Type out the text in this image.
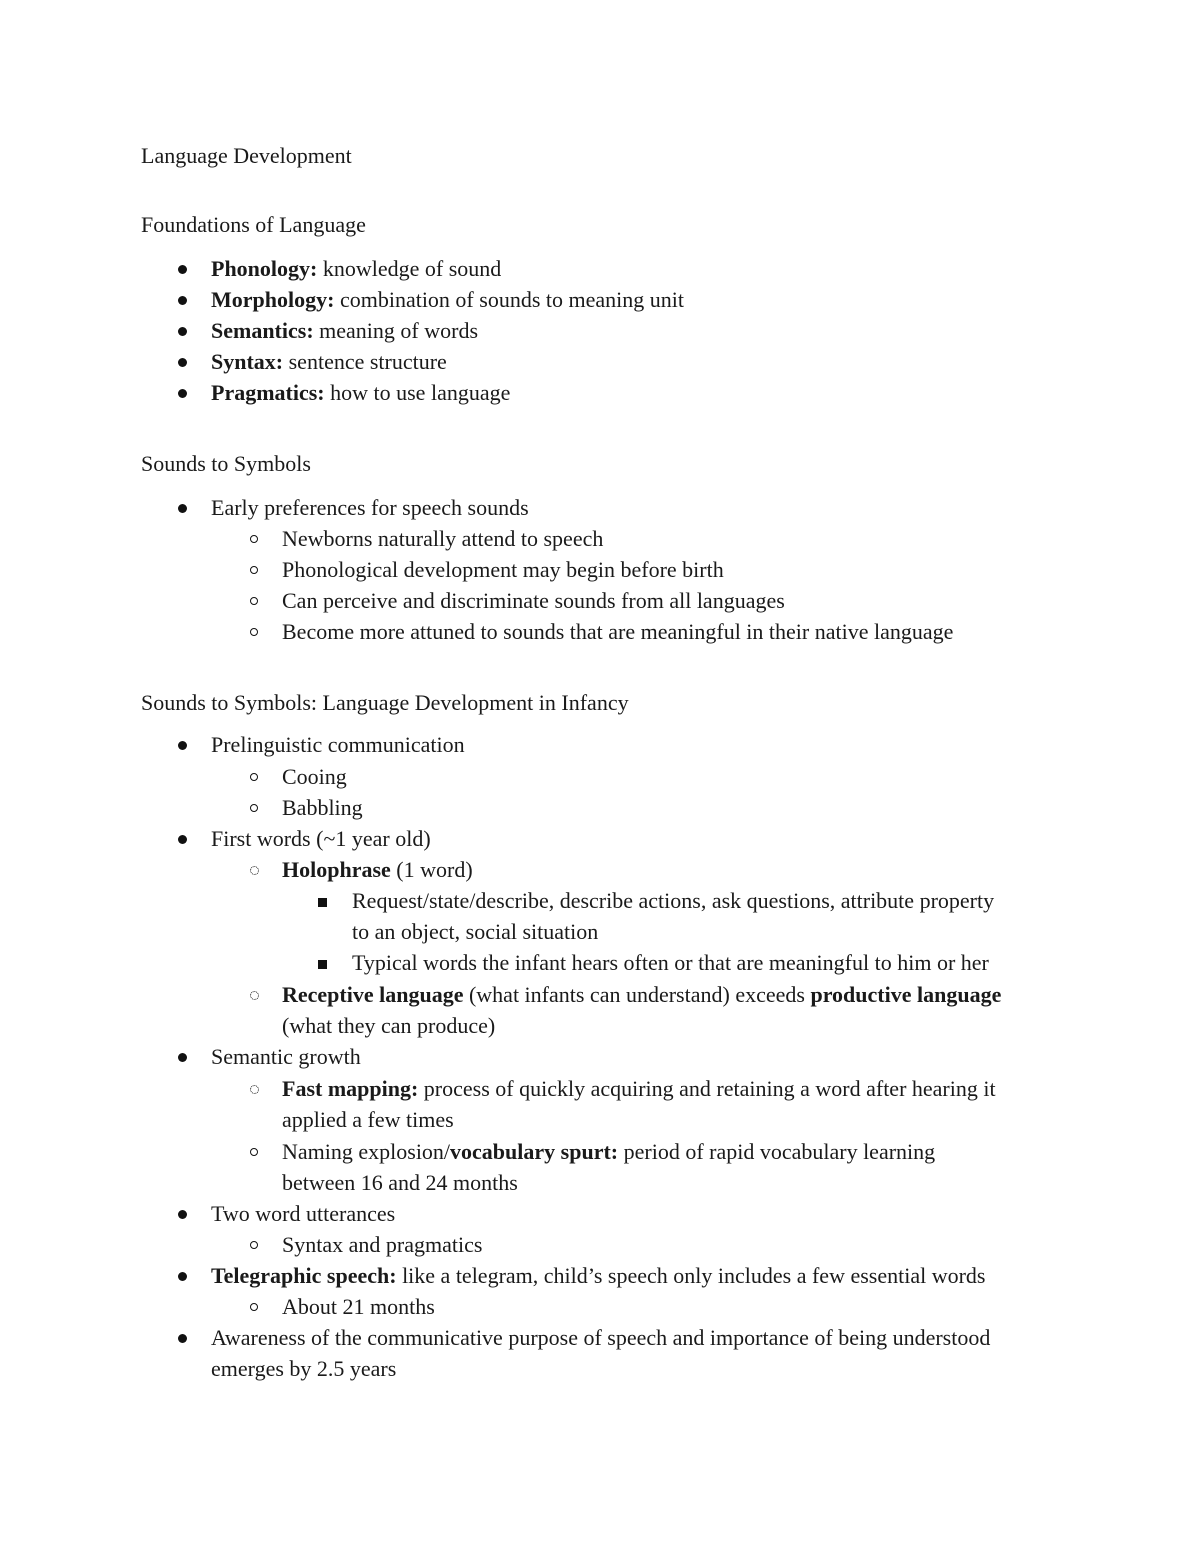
Language Development
Foundations of Language
Phonology: knowledge of sound
Morphology: combination of sounds to meaning unit
Semantics: meaning of words
Syntax: sentence structure
Pragmatics: how to use language
Sounds to Symbols
Early preferences for speech sounds
Newborns naturally attend to speech
Phonological development may begin before birth
Can perceive and discriminate sounds from all languages
Become more attuned to sounds that are meaningful in their native language
Sounds to Symbols: Language Development in Infancy
Prelinguistic communication
Cooing
Babbling
First words (~1 year old)
Holophrase (1 word)
Request/state/describe, describe actions, ask questions, attribute property
to an object, social situation
Typical words the infant hears often or that are meaningful to him or her
Receptive language (what infants can understand) exceeds productive language
(what they can produce)
Semantic growth
Fast mapping: process of quickly acquiring and retaining a word after hearing it
applied a few times
Naming explosion/vocabulary spurt: period of rapid vocabulary learning
between 16 and 24 months
Two word utterances
Syntax and pragmatics
Telegraphic speech: like a telegram, child’s speech only includes a few essential words
About 21 months
Awareness of the communicative purpose of speech and importance of being understood
emerges by 2.5 years
